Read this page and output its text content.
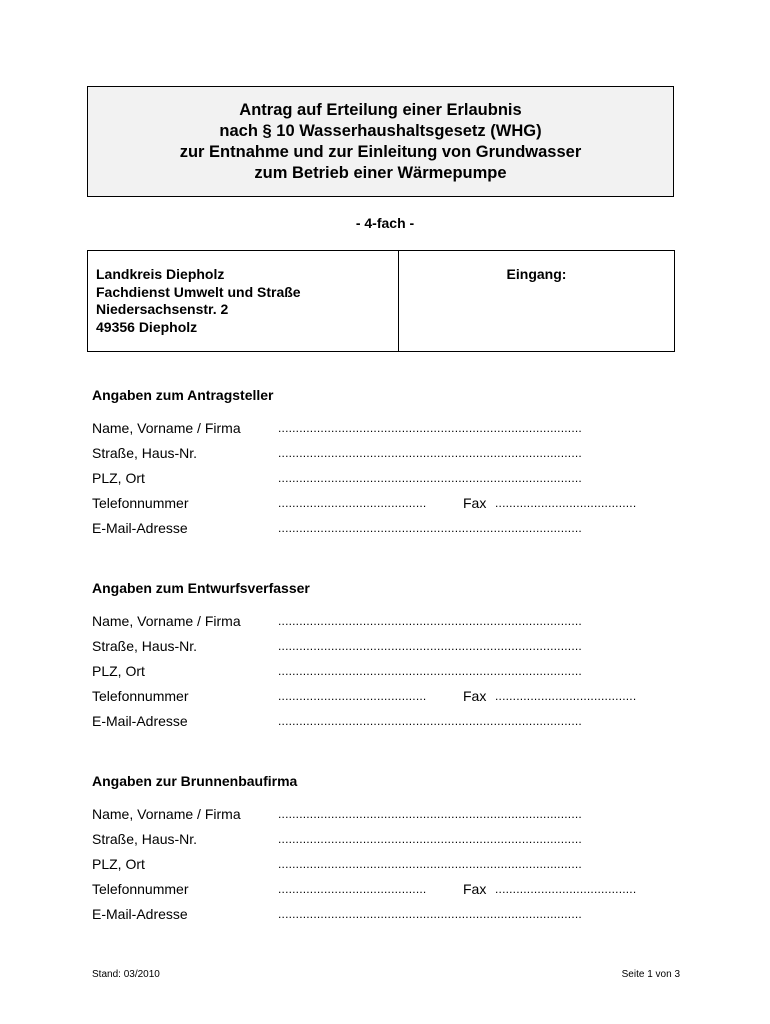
Antrag auf Erteilung einer Erlaubnis
nach § 10 Wasserhaushaltsgesetz (WHG)
zur Entnahme und zur Einleitung von Grundwasser
zum Betrieb einer Wärmepumpe
- 4-fach -
Landkreis Diepholz
Fachdienst Umwelt und Straße
Niedersachsenstr. 2
49356 Diepholz
Eingang:
Angaben zum Antragsteller
Name, Vorname / Firma	......................................................................................
Straße, Haus-Nr.	......................................................................................
PLZ, Ort	......................................................................................
Telefonnummer	..........................................	Fax ........................................
E-Mail-Adresse	......................................................................................
Angaben zum Entwurfsverfasser
Name, Vorname / Firma	......................................................................................
Straße, Haus-Nr.	......................................................................................
PLZ, Ort	......................................................................................
Telefonnummer	..........................................	Fax ........................................
E-Mail-Adresse	......................................................................................
Angaben zur Brunnenbaufirma
Name, Vorname / Firma	......................................................................................
Straße, Haus-Nr.	......................................................................................
PLZ, Ort	......................................................................................
Telefonnummer	..........................................	Fax ........................................
E-Mail-Adresse	......................................................................................
Stand: 03/2010	Seite 1 von 3
